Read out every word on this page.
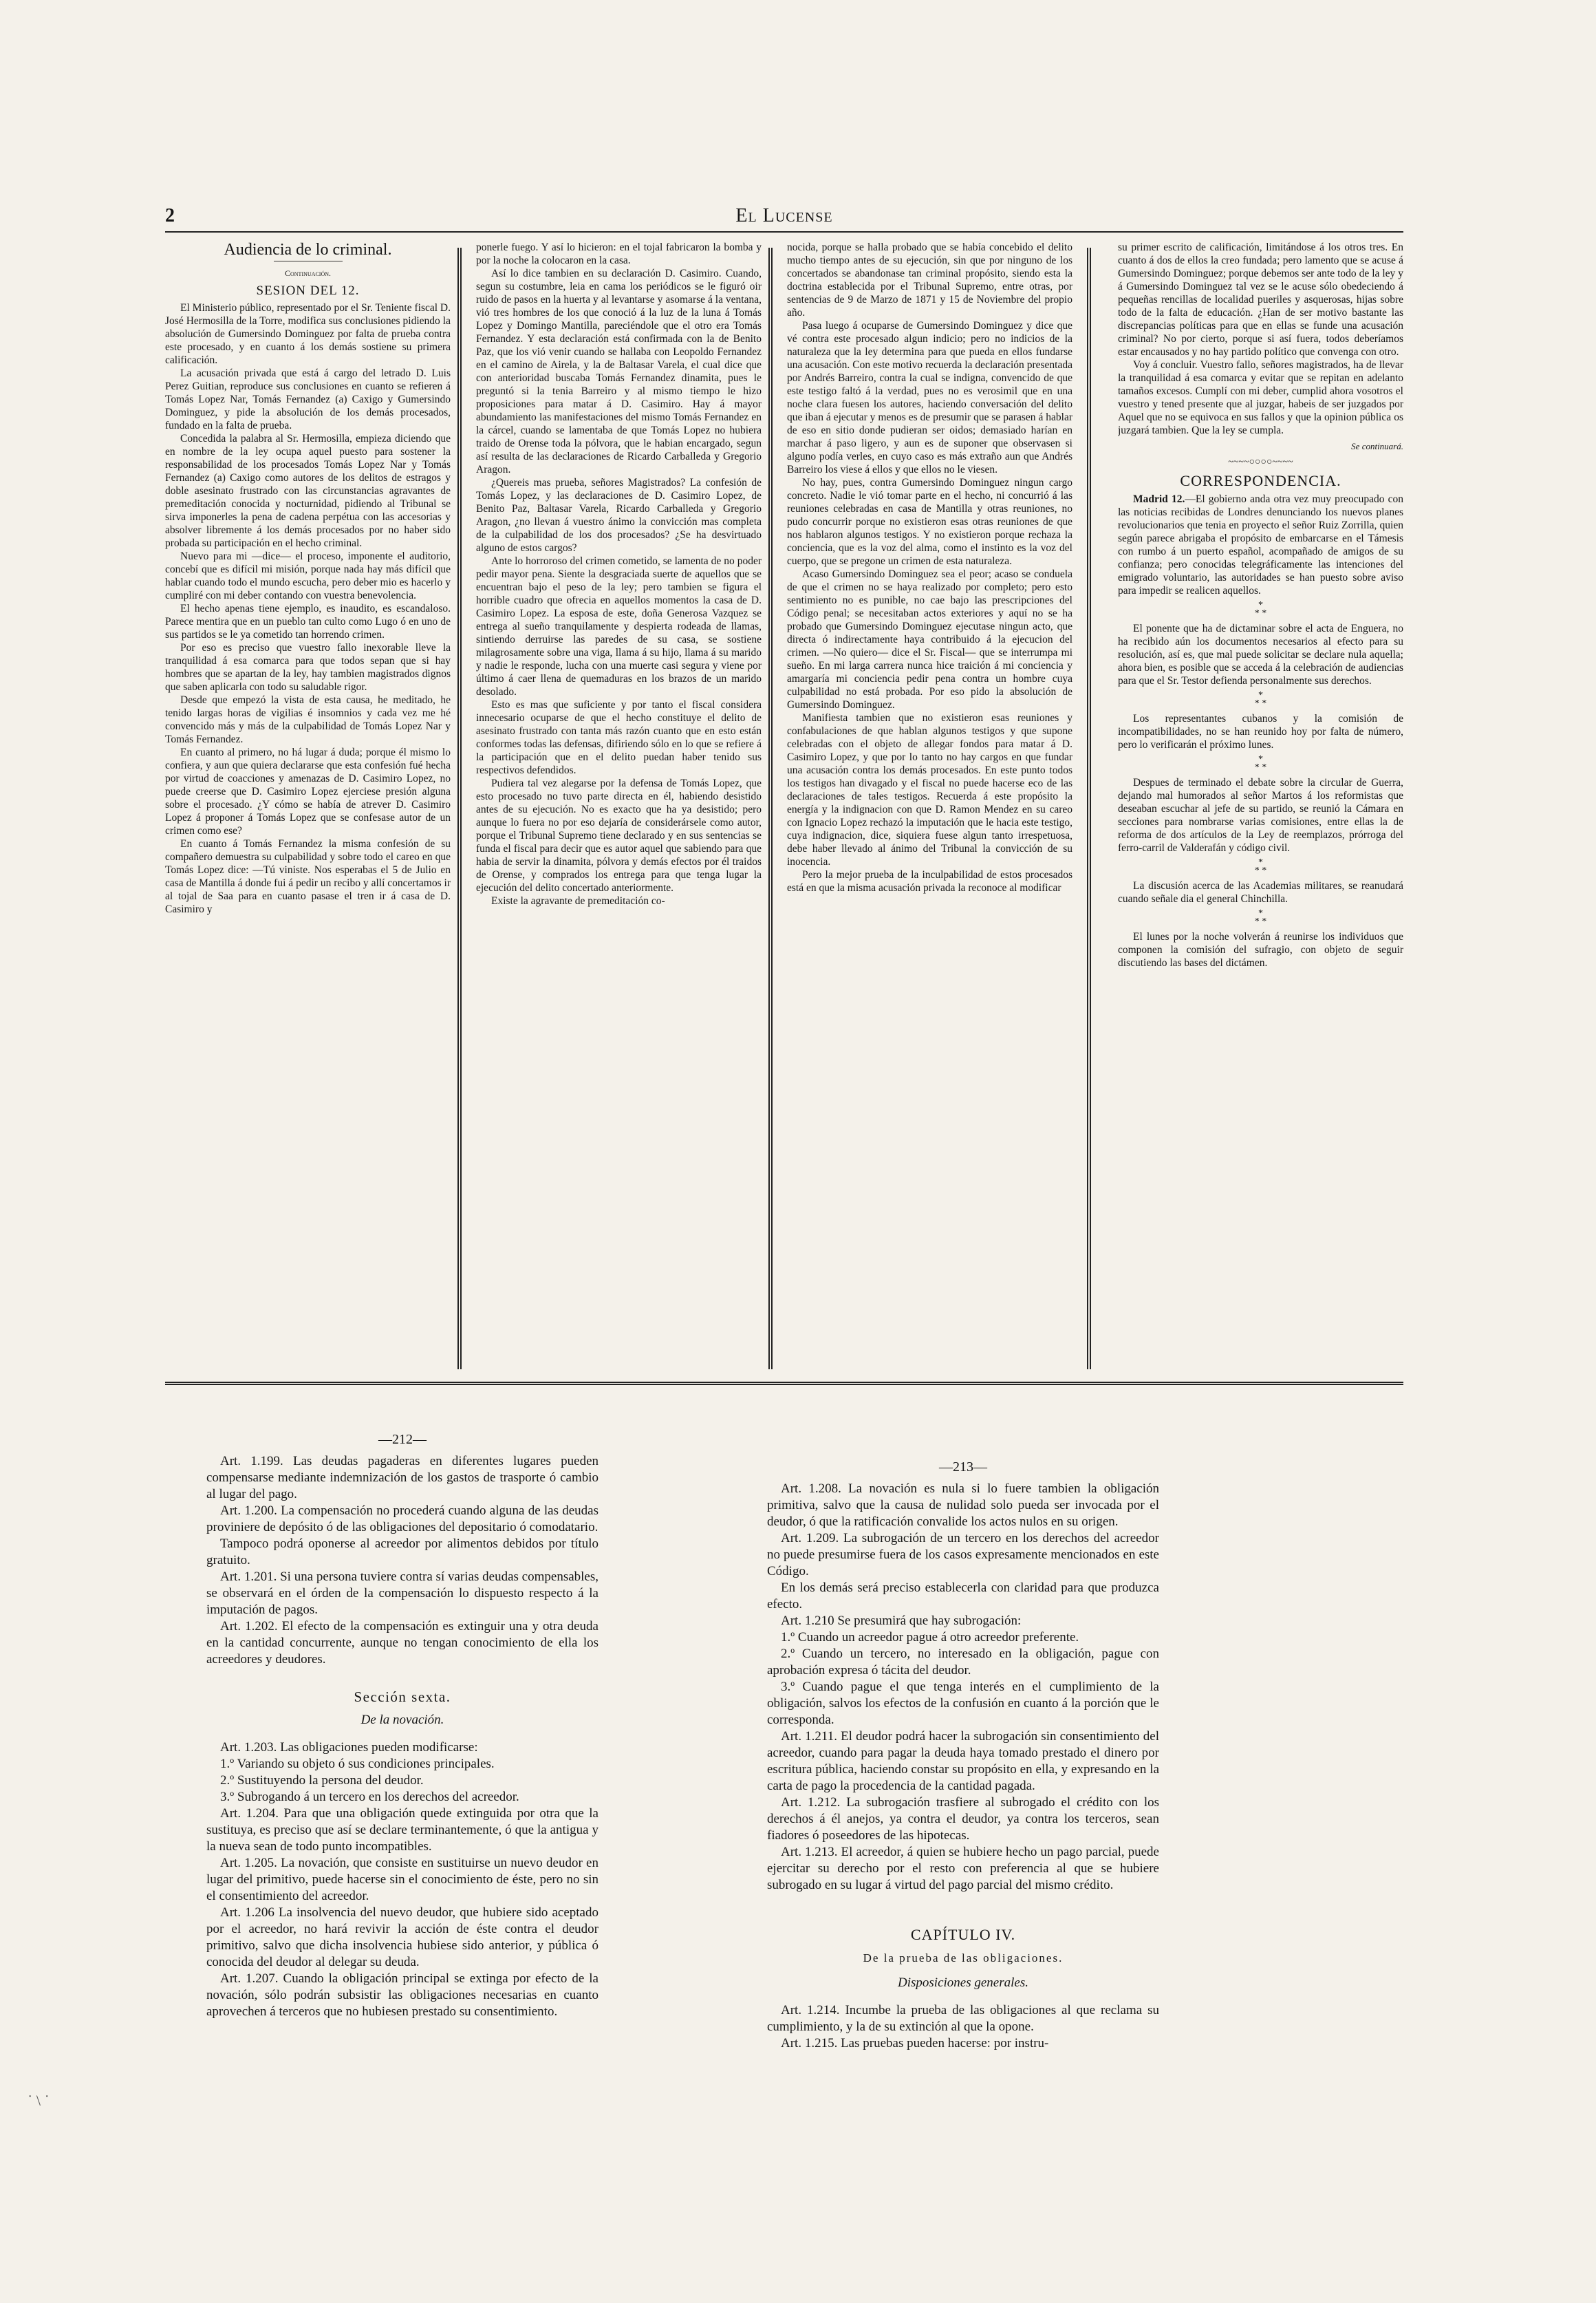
2	El Lucense
Audiencia de lo criminal.
Continuación.
SESION DEL 12.

El Ministerio público, representado por el Sr. Teniente fiscal D. José Hermosilla de la Torre, modifica sus conclusiones pidiendo la absolución de Gumersindo Dominguez por falta de prueba contra este procesado, y en cuanto á los demás sostiene su primera calificación.

La acusación privada que está á cargo del letrado D. Luis Perez Guitian, reproduce sus conclusiones en cuanto se refieren á Tomás Lopez Nar, Tomás Fernandez (a) Caxigo y Gumersindo Dominguez, y pide la absolución de los demás procesados, fundado en la falta de prueba.

Concedida la palabra al Sr. Hermosilla, empieza diciendo que en nombre de la ley ocupa aquel puesto para sostener la responsabilidad de los procesados Tomás Lopez Nar y Tomás Fernandez (a) Caxigo como autores de los delitos de estragos y doble asesinato frustrado con las circunstancias agravantes de premeditación conocida y nocturnidad, pidiendo al Tribunal se sirva imponerles la pena de cadena perpétua con las accesorias y absolver libremente á los demás procesados por no haber sido probada su participación en el hecho criminal.

Nuevo para mi —dice— el proceso, imponente el auditorio, concebí que es difícil mi misión, porque nada hay más difícil que hablar cuando todo el mundo escucha, pero deber mio es hacerlo y cumpliré con mi deber contando con vuestra benevolencia.

El hecho apenas tiene ejemplo, es inaudito, es escandaloso. Parece mentira que en un pueblo tan culto como Lugo ó en uno de sus partidos se le ya cometido tan horrendo crimen.

Por eso es preciso que vuestro fallo inexorable lleve la tranquilidad á esa comarca para que todos sepan que si hay hombres que se apartan de la ley, hay tambien magistrados dignos que saben aplicarla con todo su saludable rigor.

Desde que empezó la vista de esta causa, he meditado, he tenido largas horas de vigilias é insomnios y cada vez me hé convencido más y más de la culpabilidad de Tomás Lopez Nar y Tomás Fernandez.

En cuanto al primero, no há lugar á duda; porque él mismo lo confiera, y aun que quiera declararse que esta confesión fué hecha por virtud de coacciones y amenazas de D. Casimiro Lopez, no puede creerse que D. Casimiro Lopez ejerciese presión alguna sobre el procesado. ¿Y cómo se había de atrever D. Casimiro Lopez á proponer á Tomás Lopez que se confesase autor de un crimen como ese?

En cuanto á Tomás Fernandez la misma confesión de su compañero demuestra su culpabilidad y sobre todo el careo en que Tomás Lopez dice: —Tú viniste. Nos esperabas el 5 de Julio en casa de Mantilla á donde fui á pedir un recibo y allí concertamos ir al tojal de Saa para en cuanto pasase el tren ir á casa de D. Casimiro y

ponerle fuego. Y así lo hicieron: en el tojal fabricaron la bomba y por la noche la colocaron en la casa.

Así lo dice tambien en su declaración D. Casimiro. Cuando, segun su costumbre, leia en cama los periódicos se le figuró oir ruido de pasos en la huerta y al levantarse y asomarse á la ventana, vió tres hombres de los que conoció á la luz de la luna á Tomás Lopez y Domingo Mantilla, pareciéndole que el otro era Tomás Fernandez. Y esta declaración está confirmada con la de Benito Paz, que los vió venir cuando se hallaba con Leopoldo Fernandez en el camino de Airela, y la de Baltasar Varela, el cual dice que con anterioridad buscaba Tomás Fernandez dinamita, pues le preguntó si la tenia Barreiro y al mismo tiempo le hizo proposiciones para matar á D. Casimiro. Hay á mayor abundamiento las manifestaciones del mismo Tomás Fernandez en la cárcel, cuando se lamentaba de que Tomás Lopez no hubiera traido de Orense toda la pólvora, que le habian encargado, segun así resulta de las declaraciones de Ricardo Carballeda y Gregorio Aragon.

¿Quereis mas prueba, señores Magistrados? La confesión de Tomás Lopez, y las declaraciones de D. Casimiro Lopez, de Benito Paz, Baltasar Varela, Ricardo Carballeda y Gregorio Aragon, ¿no llevan á vuestro ánimo la convicción mas completa de la culpabilidad de los dos procesados? ¿Se ha desvirtuado alguno de estos cargos?

Ante lo horroroso del crimen cometido, se lamenta de no poder pedir mayor pena. Siente la desgraciada suerte de aquellos que se encuentran bajo el peso de la ley; pero tambien se figura el horrible cuadro que ofrecia en aquellos momentos la casa de D. Casimiro Lopez. La esposa de este, doña Generosa Vazquez se entrega al sueño tranquilamente y despierta rodeada de llamas, sintiendo derruirse las paredes de su casa, se sostiene milagrosamente sobre una viga, llama á su hijo, llama á su marido y nadie le responde, lucha con una muerte casi segura y viene por último á caer llena de quemaduras en los brazos de un marido desolado.

Esto es mas que suficiente y por tanto el fiscal considera innecesario ocuparse de que el hecho constituye el delito de asesinato frustrado con tanta más razón cuanto que en esto están conformes todas las defensas, difiriendo sólo en lo que se refiere á la participación que en el delito puedan haber tenido sus respectivos defendidos.

Pudiera tal vez alegarse por la defensa de Tomás Lopez, que esto procesado no tuvo parte directa en él, habiendo desistido antes de su ejecución. No es exacto que ha ya desistido; pero aunque lo fuera no por eso dejaría de considerársele como autor, porque el Tribunal Supremo tiene declarado y en sus sentencias se funda el fiscal para decir que es autor aquel que sabiendo para que habia de servir la dinamita, pólvora y demás efectos por él traidos de Orense, y comprados los entrega para que tenga lugar la ejecución del delito concertado anteriormente.

Existe la agravante de premeditación co-

nocida, porque se halla probado que se había concebido el delito mucho tiempo antes de su ejecución, sin que por ninguno de los concertados se abandonase tan criminal propósito, siendo esta la doctrina establecida por el Tribunal Supremo, entre otras, por sentencias de 9 de Marzo de 1871 y 15 de Noviembre del propio año.

Pasa luego á ocuparse de Gumersindo Dominguez y dice que vé contra este procesado algun indicio; pero no indicios de la naturaleza que la ley determina para que pueda en ellos fundarse una acusación. Con este motivo recuerda la declaración presentada por Andrés Barreiro, contra la cual se indigna, convencido de que este testigo faltó á la verdad, pues no es verosimil que en una noche clara fuesen los autores, haciendo conversación del delito que iban á ejecutar y menos es de presumir que se parasen á hablar de eso en sitio donde pudieran ser oidos; demasiado harían en marchar á paso ligero, y aun es de suponer que observasen si alguno podía verles, en cuyo caso es más extraño aun que Andrés Barreiro los viese á ellos y que ellos no le viesen.

No hay, pues, contra Gumersindo Dominguez ningun cargo concreto. Nadie le vió tomar parte en el hecho, ni concurrió á las reuniones celebradas en casa de Mantilla y otras reuniones, no pudo concurrir porque no existieron esas otras reuniones de que nos hablaron algunos testigos. Y no existieron porque rechaza la conciencia, que es la voz del alma, como el instinto es la voz del cuerpo, que se pregone un crimen de esta naturaleza.

Acaso Gumersindo Dominguez sea el peor; acaso se conduela de que el crimen no se haya realizado por completo; pero esto sentimiento no es punible, no cae bajo las prescripciones del Código penal; se necesitaban actos exteriores y aquí no se ha probado que Gumersindo Dominguez ejecutase ningun acto, que directa ó indirectamente haya contribuido á la ejecucion del crimen. —No quiero— dice el Sr. Fiscal— que se interrumpa mi sueño. En mi larga carrera nunca hice traición á mi conciencia y amargaría mi conciencia pedir pena contra un hombre cuya culpabilidad no está probada. Por eso pido la absolución de Gumersindo Dominguez.

Manifiesta tambien que no existieron esas reuniones y confabulaciones de que hablan algunos testigos y que supone celebradas con el objeto de allegar fondos para matar á D. Casimiro Lopez, y que por lo tanto no hay cargos en que fundar una acusación contra los demás procesados. En este punto todos los testigos han divagado y el fiscal no puede hacerse eco de las declaraciones de tales testigos. Recuerda á este propósito la energía y la indignacion con que D. Ramon Mendez en su careo con Ignacio Lopez rechazó la imputación que le hacia este testigo, cuya indignacion, dice, siquiera fuese algun tanto irrespetuosa, debe haber llevado al ánimo del Tribunal la convicción de su inocencia.

Pero la mejor prueba de la inculpabilidad de estos procesados está en que la misma acusación privada la reconoce al modificar

su primer escrito de calificación, limitándose á los otros tres. En cuanto á dos de ellos la creo fundada; pero lamento que se acuse á Gumersindo Dominguez; porque debemos ser ante todo de la ley y á Gumersindo Dominguez tal vez se le acuse sólo obedeciendo á pequeñas rencillas de localidad pueriles y asquerosas, hijas sobre todo de la falta de educación. ¿Han de ser motivo bastante las discrepancias políticas para que en ellas se funde una acusación criminal? No por cierto, porque si así fuera, todos deberíamos estar encausados y no hay partido político que convenga con otro.

Voy á concluir. Vuestro fallo, señores magistrados, ha de llevar la tranquilidad á esa comarca y evitar que se repitan en adelanto tamaños excesos. Cumplí con mi deber, cumplid ahora vosotros el vuestro y tened presente que al juzgar, habeis de ser juzgados por Aquel que no se equivoca en sus fallos y que la opinion pública os juzgará tambien. Que la ley se cumpla.

Se continuará.
~~~~○○○○~~~~
CORRESPONDENCIA.

Madrid 12.—El gobierno anda otra vez muy preocupado con las noticias recibidas de Londres denunciando los nuevos planes revolucionarios que tenia en proyecto el señor Ruiz Zorrilla, quien según parece abrigaba el propósito de embarcarse en el Támesis con rumbo á un puerto español, acompañado de amigos de su confianza; pero conocidas telegráficamente las intenciones del emigrado voluntario, las autoridades se han puesto sobre aviso para impedir se realicen aquellos.

*
* *

El ponente que ha de dictaminar sobre el acta de Enguera, no ha recibido aún los documentos necesarios al efecto para su resolución, así es, que mal puede solicitar se declare nula aquella; ahora bien, es posible que se acceda á la celebración de audiencias para que el Sr. Testor defienda personalmente sus derechos.

*
* *

Los representantes cubanos y la comisión de incompatibilidades, no se han reunido hoy por falta de número, pero lo verificarán el próximo lunes.

*
* *

Despues de terminado el debate sobre la circular de Guerra, dejando mal humorados al señor Martos á los reformistas que deseaban escuchar al jefe de su partido, se reunió la Cámara en secciones para nombrarse varias comisiones, entre ellas la de reforma de dos artículos de la Ley de reemplazos, prórroga del ferro-carril de Valderafán y código civil.

*
* *

La discusión acerca de las Academias militares, se reanudará cuando señale dia el general Chinchilla.

*
* *

El lunes por la noche volverán á reunirse los individuos que componen la comisión del sufragio, con objeto de seguir discutiendo las bases del dictámen.

—212—

Art. 1.199. Las deudas pagaderas en diferentes lugares pueden compensarse mediante indemnización de los gastos de trasporte ó cambio al lugar del pago.

Art. 1.200. La compensación no procederá cuando alguna de las deudas proviniere de depósito ó de las obligaciones del depositario ó comodatario.

Tampoco podrá oponerse al acreedor por alimentos debidos por título gratuito.

Art. 1.201. Si una persona tuviere contra sí varias deudas compensables, se observará en el órden de la compensación lo dispuesto respecto á la imputación de pagos.

Art. 1.202. El efecto de la compensación es extinguir una y otra deuda en la cantidad concurrente, aunque no tengan conocimiento de ella los acreedores y deudores.

Sección sexta.
De la novación.

Art. 1.203. Las obligaciones pueden modificarse:

1.º Variando su objeto ó sus condiciones principales.

2.º Sustituyendo la persona del deudor.

3.º Subrogando á un tercero en los derechos del acreedor.

Art. 1.204. Para que una obligación quede extinguida por otra que la sustituya, es preciso que así se declare terminantemente, ó que la antigua y la nueva sean de todo punto incompatibles.

Art. 1.205. La novación, que consiste en sustituirse un nuevo deudor en lugar del primitivo, puede hacerse sin el conocimiento de éste, pero no sin el consentimiento del acreedor.

Art. 1.206 La insolvencia del nuevo deudor, que hubiere sido aceptado por el acreedor, no hará revivir la acción de éste contra el deudor primitivo, salvo que dicha insolvencia hubiese sido anterior, y pública ó conocida del deudor al delegar su deuda.

Art. 1.207. Cuando la obligación principal se extinga por efecto de la novación, sólo podrán subsistir las obligaciones necesarias en cuanto aprovechen á terceros que no hubiesen prestado su consentimiento.

—213—

Art. 1.208. La novación es nula si lo fuere tambien la obligación primitiva, salvo que la causa de nulidad solo pueda ser invocada por el deudor, ó que la ratificación convalide los actos nulos en su origen.

Art. 1.209. La subrogación de un tercero en los derechos del acreedor no puede presumirse fuera de los casos expresamente mencionados en este Código.

En los demás será preciso establecerla con claridad para que produzca efecto.

Art. 1.210 Se presumirá que hay subrogación:

1.º Cuando un acreedor pague á otro acreedor preferente.

2.º Cuando un tercero, no interesado en la obligación, pague con aprobación expresa ó tácita del deudor.

3.º Cuando pague el que tenga interés en el cumplimiento de la obligación, salvos los efectos de la confusión en cuanto á la porción que le corresponda.

Art. 1.211. El deudor podrá hacer la subrogación sin consentimiento del acreedor, cuando para pagar la deuda haya tomado prestado el dinero por escritura pública, haciendo constar su propósito en ella, y expresando en la carta de pago la procedencia de la cantidad pagada.

Art. 1.212. La subrogación trasfiere al subrogado el crédito con los derechos á él anejos, ya contra el deudor, ya contra los terceros, sean fiadores ó poseedores de las hipotecas.

Art. 1.213. El acreedor, á quien se hubiere hecho un pago parcial, puede ejercitar su derecho por el resto con preferencia al que se hubiere subrogado en su lugar á virtud del pago parcial del mismo crédito.

CAPÍTULO IV.
De la prueba de las obligaciones.
Disposiciones generales.

Art. 1.214. Incumbe la prueba de las obligaciones al que reclama su cumplimiento, y la de su extinción al que la opone.

Art. 1.215. Las pruebas pueden hacerse: por instru-

˙ \ ˙
